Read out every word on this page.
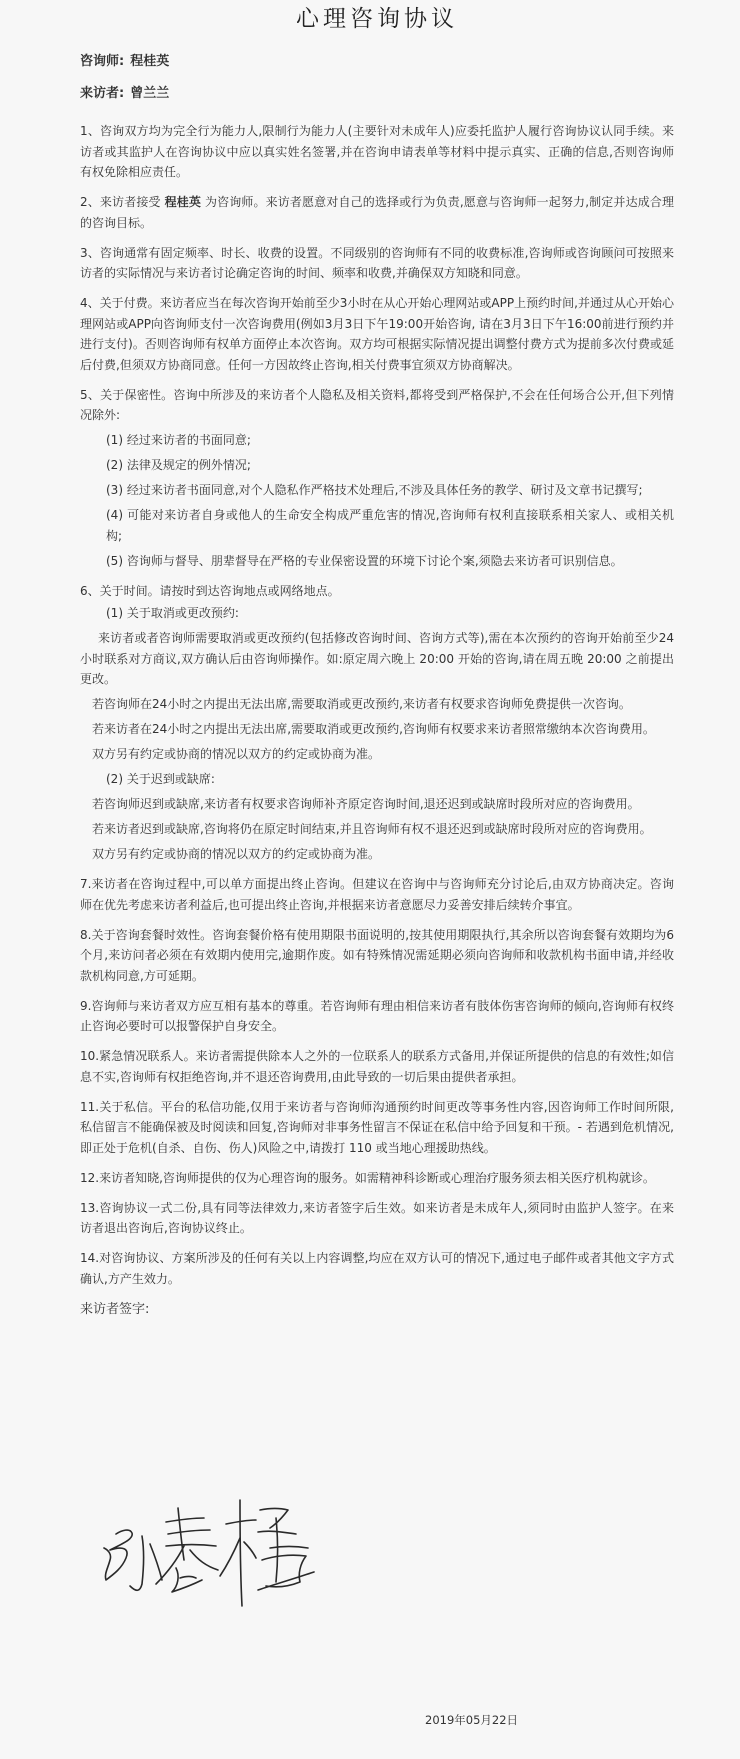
心理咨询协议
咨询师: 程桂英
来访者: 曾兰兰

1、咨询双方均为完全行为能力人,限制行为能力人(主要针对未成年人)应委托监护人履行咨询协议认同手续。来访者或其监护人在咨询协议中应以真实姓名签署,并在咨询申请表单等材料中提示真实、正确的信息,否则咨询师有权免除相应责任。

2、来访者接受 程桂英 为咨询师。来访者愿意对自己的选择或行为负责,愿意与咨询师一起努力,制定并达成合理的咨询目标。

3、咨询通常有固定频率、时长、收费的设置。不同级别的咨询师有不同的收费标准,咨询师或咨询顾问可按照来访者的实际情况与来访者讨论确定咨询的时间、频率和收费,并确保双方知晓和同意。

4、关于付费。来访者应当在每次咨询开始前至少3小时在从心开始心理网站或APP上预约时间,并通过从心开始心理网站或APP向咨询师支付一次咨询费用(例如3月3日下午19:00开始咨询, 请在3月3日下午16:00前进行预约并进行支付)。否则咨询师有权单方面停止本次咨询。双方均可根据实际情况提出调整付费方式为提前多次付费或延后付费,但须双方协商同意。任何一方因故终止咨询,相关付费事宜须双方协商解决。

5、关于保密性。咨询中所涉及的来访者个人隐私及相关资料,都将受到严格保护,不会在任何场合公开,但下列情况除外:

(1) 经过来访者的书面同意;

(2) 法律及规定的例外情况;

(3) 经过来访者书面同意,对个人隐私作严格技术处理后,不涉及具体任务的教学、研讨及文章书记撰写;

(4) 可能对来访者自身或他人的生命安全构成严重危害的情况,咨询师有权利直接联系相关家人、或相关机构;

(5) 咨询师与督导、朋辈督导在严格的专业保密设置的环境下讨论个案,须隐去来访者可识别信息。

6、关于时间。请按时到达咨询地点或网络地点。

(1) 关于取消或更改预约:

来访者或者咨询师需要取消或更改预约(包括修改咨询时间、咨询方式等),需在本次预约的咨询开始前至少24小时联系对方商议,双方确认后由咨询师操作。如:原定周六晚上 20:00 开始的咨询,请在周五晚 20:00 之前提出更改。

若咨询师在24小时之内提出无法出席,需要取消或更改预约,来访者有权要求咨询师免费提供一次咨询。

若来访者在24小时之内提出无法出席,需要取消或更改预约,咨询师有权要求来访者照常缴纳本次咨询费用。

双方另有约定或协商的情况以双方的约定或协商为准。

(2) 关于迟到或缺席:

若咨询师迟到或缺席,来访者有权要求咨询师补齐原定咨询时间,退还迟到或缺席时段所对应的咨询费用。

若来访者迟到或缺席,咨询将仍在原定时间结束,并且咨询师有权不退还迟到或缺席时段所对应的咨询费用。

双方另有约定或协商的情况以双方的约定或协商为准。

7.来访者在咨询过程中,可以单方面提出终止咨询。但建议在咨询中与咨询师充分讨论后,由双方协商决定。咨询师在优先考虑来访者利益后,也可提出终止咨询,并根据来访者意愿尽力妥善安排后续转介事宜。

8.关于咨询套餐时效性。咨询套餐价格有使用期限书面说明的,按其使用期限执行,其余所以咨询套餐有效期均为6个月,来访问者必须在有效期内使用完,逾期作废。如有特殊情况需延期必须向咨询师和收款机构书面申请,并经收款机构同意,方可延期。

9.咨询师与来访者双方应互相有基本的尊重。若咨询师有理由相信来访者有肢体伤害咨询师的倾向,咨询师有权终止咨询必要时可以报警保护自身安全。

10.紧急情况联系人。来访者需提供除本人之外的一位联系人的联系方式备用,并保证所提供的信息的有效性;如信息不实,咨询师有权拒绝咨询,并不退还咨询费用,由此导致的一切后果由提供者承担。

11.关于私信。平台的私信功能,仅用于来访者与咨询师沟通预约时间更改等事务性内容,因咨询师工作时间所限,私信留言不能确保被及时阅读和回复,咨询师对非事务性留言不保证在私信中给予回复和干预。- 若遇到危机情况,即正处于危机(自杀、自伤、伤人)风险之中,请拨打 110 或当地心理援助热线。

12.来访者知晓,咨询师提供的仅为心理咨询的服务。如需精神科诊断或心理治疗服务须去相关医疗机构就诊。

13.咨询协议一式二份,具有同等法律效力,来访者签字后生效。如来访者是未成年人,须同时由监护人签字。在来访者退出咨询后,咨询协议终止。

14.对咨询协议、方案所涉及的任何有关以上内容调整,均应在双方认可的情况下,通过电子邮件或者其他文字方式确认,方产生效力。

来访者签字:
2019年05月22日
